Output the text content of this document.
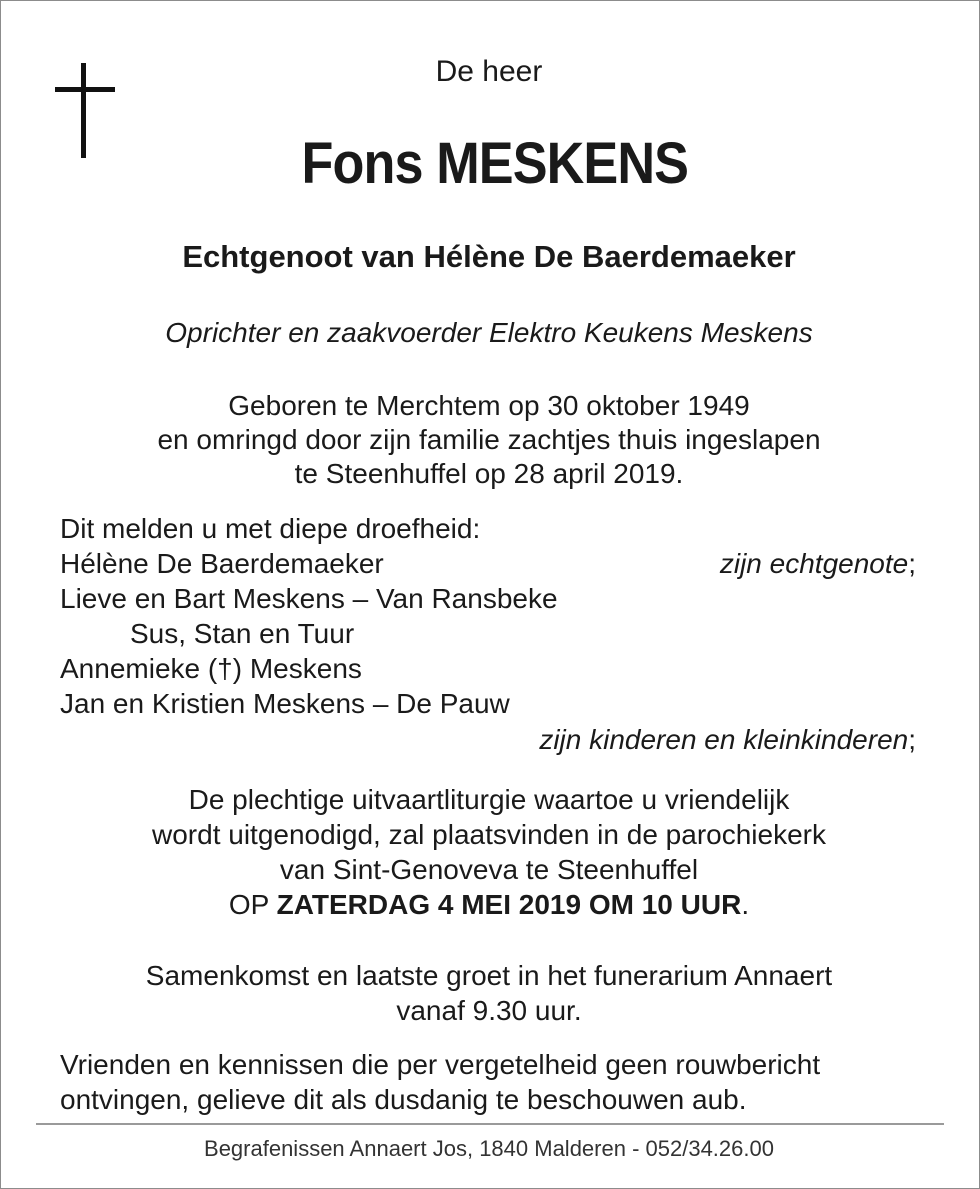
De heer
Fons MESKENS
Echtgenoot van Hélène De Baerdemaeker
Oprichter en zaakvoerder Elektro Keukens Meskens
Geboren te Merchtem op 30 oktober 1949
en omringd door zijn familie zachtjes thuis ingeslapen
te Steenhuffel op 28 april 2019.
Dit melden u met diepe droefheid:
Hélène De Baerdemaeker	zijn echtgenote;
Lieve en Bart Meskens – Van Ransbeke
Sus, Stan en Tuur
Annemieke (†) Meskens
Jan en Kristien Meskens – De Pauw
zijn kinderen en kleinkinderen;
De plechtige uitvaartliturgie waartoe u vriendelijk
wordt uitgenodigd, zal plaatsvinden in de parochiekerk
van Sint-Genoveva te Steenhuffel
OP ZATERDAG 4 MEI 2019 OM 10 UUR.
Samenkomst en laatste groet in het funerarium Annaert
vanaf 9.30 uur.
Vrienden en kennissen die per vergetelheid geen rouwbericht
ontvingen, gelieve dit als dusdanig te beschouwen aub.
Begrafenissen Annaert Jos, 1840 Malderen - 052/34.26.00
